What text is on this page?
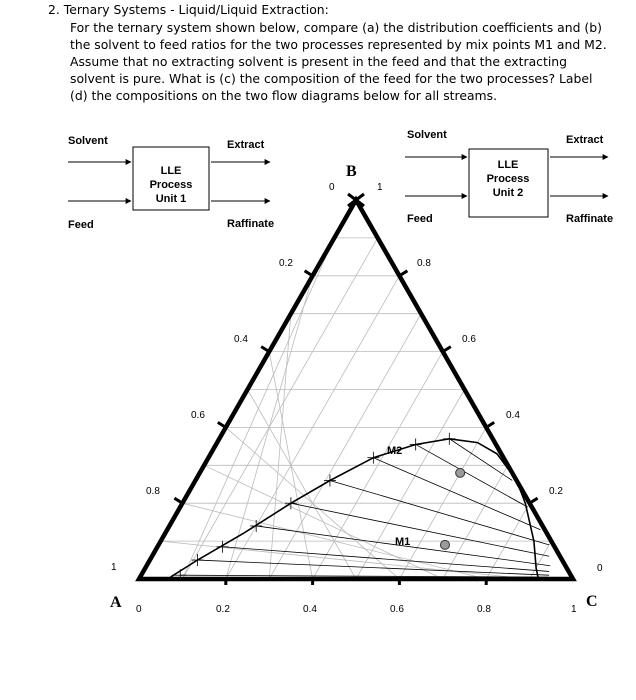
2. Ternary Systems - Liquid/Liquid Extraction:
For the ternary system shown below, compare (a) the distribution coefficients and (b)
the solvent to feed ratios for the two processes represented by mix points M1 and M2.
Assume that no extracting solvent is present in the feed and that the extracting
solvent is pure. What is (c) the composition of the feed for the two processes? Label
(d) the compositions on the two flow diagrams below for all streams.
LLE
Process
Unit 1
Solvent
Feed
Extract
Raffinate
LLE
Process
Unit 2
Solvent
Feed
Extract
Raffinate
A
B
C
0	1
0.2
0.4
0.6
0.8
1
0.8
0.6
0.4
0.2
0
0	0.2	0.4	0.6	0.8	1
M2
M1
